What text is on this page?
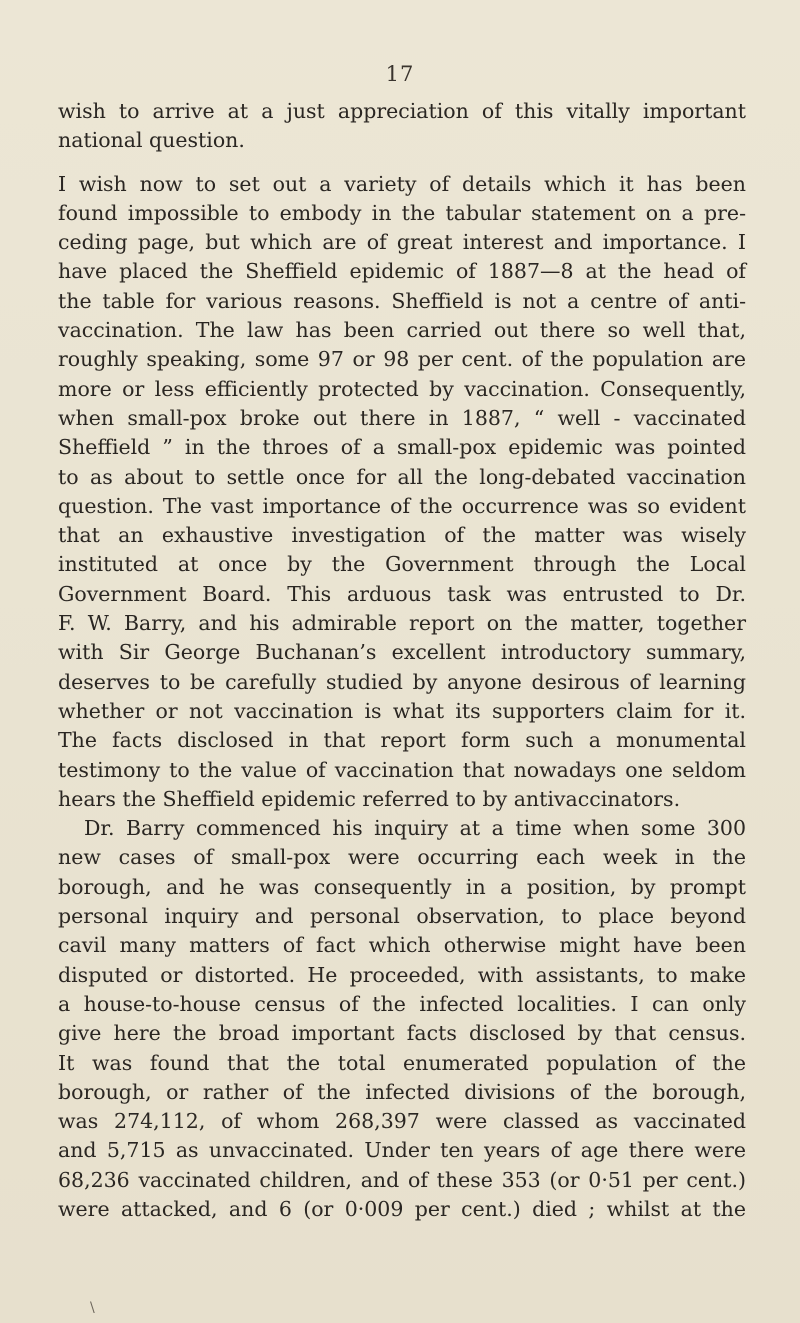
17
wish to arrive at a just appreciation of this vitally important
national question.
I wish now to set out a variety of details which it has been
found impossible to embody in the tabular statement on a pre-
ceding page, but which are of great interest and importance. I
have placed the Sheffield epidemic of 1887—8 at the head of
the table for various reasons. Sheffield is not a centre of anti-
vaccination. The law has been carried out there so well that,
roughly speaking, some 97 or 98 per cent. of the population are
more or less efficiently protected by vaccination. Consequently,
when small-pox broke out there in 1887, “ well - vaccinated
Sheffield ” in the throes of a small-pox epidemic was pointed
to as about to settle once for all the long-debated vaccination
question. The vast importance of the occurrence was so evident
that an exhaustive investigation of the matter was wisely
instituted at once by the Government through the Local
Government Board. This arduous task was entrusted to Dr.
F. W. Barry, and his admirable report on the matter, together
with Sir George Buchanan’s excellent introductory summary,
deserves to be carefully studied by anyone desirous of learning
whether or not vaccination is what its supporters claim for it.
The facts disclosed in that report form such a monumental
testimony to the value of vaccination that nowadays one seldom
hears the Sheffield epidemic referred to by antivaccinators.
Dr. Barry commenced his inquiry at a time when some 300
new cases of small-pox were occurring each week in the
borough, and he was consequently in a position, by prompt
personal inquiry and personal observation, to place beyond
cavil many matters of fact which otherwise might have been
disputed or distorted. He proceeded, with assistants, to make
a house-to-house census of the infected localities. I can only
give here the broad important facts disclosed by that census.
It was found that the total enumerated population of the
borough, or rather of the infected divisions of the borough,
was 274,112, of whom 268,397 were classed as vaccinated
and 5,715 as unvaccinated. Under ten years of age there were
68,236 vaccinated children, and of these 353 (or 0·51 per cent.)
were attacked, and 6 (or 0·009 per cent.) died ; whilst at the
\
